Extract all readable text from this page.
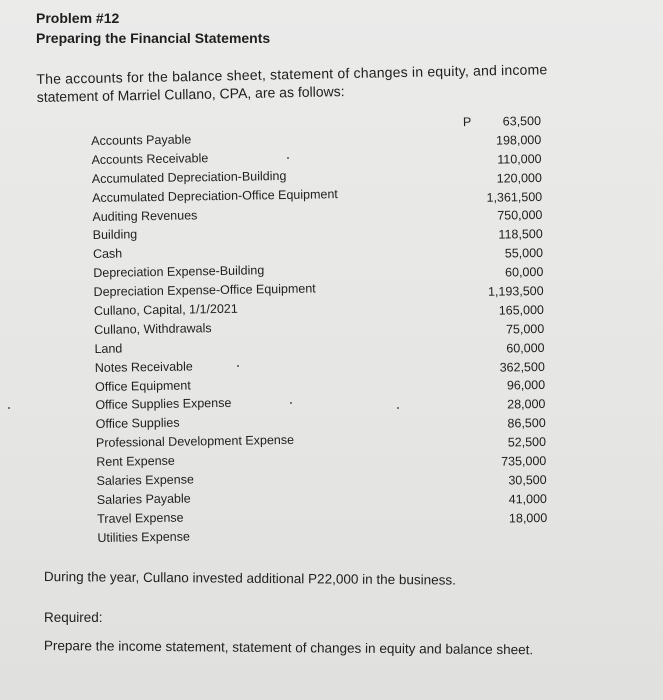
Problem #12
Preparing the Financial Statements
The accounts for the balance sheet, statement of changes in equity, and income
statement of Marriel Cullano, CPA, are as follows:
P
Accounts Payable
63,500
Accounts Receivable
198,000
Accumulated Depreciation-Building
110,000
Accumulated Depreciation-Office Equipment
120,000
Auditing Revenues
1,361,500
Building
750,000
Cash
118,500
Depreciation Expense-Building
55,000
Depreciation Expense-Office Equipment
60,000
Cullano, Capital, 1/1/2021
1,193,500
Cullano, Withdrawals
165,000
Land
75,000
Notes Receivable
60,000
Office Equipment
362,500
Office Supplies Expense
96,000
Office Supplies
28,000
Professional Development Expense
86,500
Rent Expense
52,500
Salaries Expense
735,000
Salaries Payable
30,500
Travel Expense
41,000
Utilities Expense
18,000
During the year, Cullano invested additional P22,000 in the business.
Required:
Prepare the income statement, statement of changes in equity and balance sheet.
